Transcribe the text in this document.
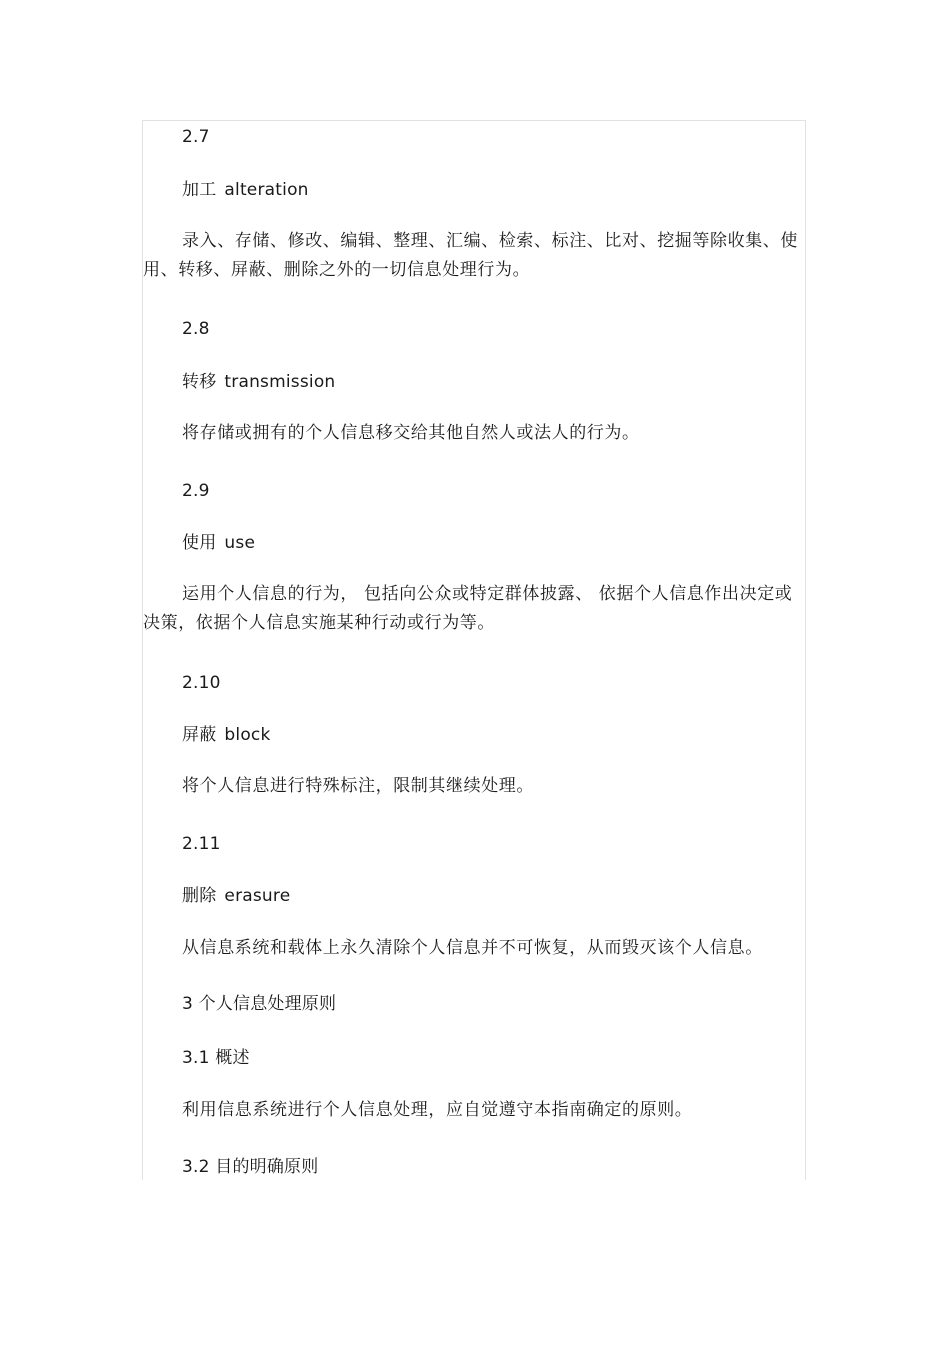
2.7
加工 alteration
录入、存储、修改、编辑、整理、汇编、检索、标注、比对、挖掘等除收集、使用、转移、屏蔽、删除之外的一切信息处理行为。
2.8
转移 transmission
将存储或拥有的个人信息移交给其他自然人或法人的行为。
2.9
使用 use
运用个人信息的行为， 包括向公众或特定群体披露、 依据个人信息作出决定或决策，依据个人信息实施某种行动或行为等。
2.10
屏蔽 block
将个人信息进行特殊标注，限制其继续处理。
2.11
删除 erasure
从信息系统和载体上永久清除个人信息并不可恢复，从而毁灭该个人信息。
3 个人信息处理原则
3.1 概述
利用信息系统进行个人信息处理，应自觉遵守本指南确定的原则。
3.2 目的明确原则
